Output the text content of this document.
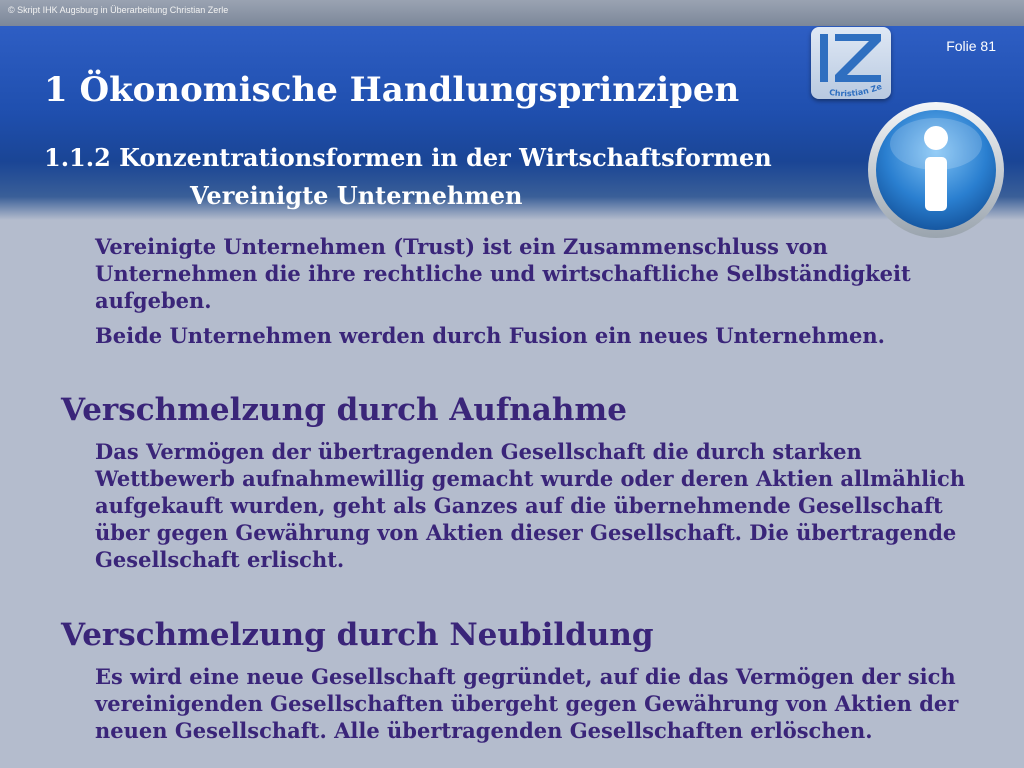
© Skript IHK Augsburg in Überarbeitung Christian Zerle
Folie 81
Christian Ze
1 Ökonomische Handlungsprinzipen
1.1.2 Konzentrationsformen in der Wirtschaftsformen
Vereinigte Unternehmen

Vereinigte Unternehmen (Trust) ist ein Zusammenschluss von
Unternehmen die ihre rechtliche und wirtschaftliche Selbständigkeit
aufgeben.

Beide Unternehmen werden durch Fusion ein neues Unternehmen.

Verschmelzung durch Aufnahme

Das Vermögen der übertragenden Gesellschaft die durch starken
Wettbewerb aufnahmewillig gemacht wurde oder deren Aktien allmählich
aufgekauft wurden, geht als Ganzes auf die übernehmende Gesellschaft
über gegen Gewährung von Aktien dieser Gesellschaft. Die übertragende
Gesellschaft erlischt.

Verschmelzung durch Neubildung

Es wird eine neue Gesellschaft gegründet, auf die das Vermögen der sich
vereinigenden Gesellschaften übergeht gegen Gewährung von Aktien der
neuen Gesellschaft. Alle übertragenden Gesellschaften erlöschen.
